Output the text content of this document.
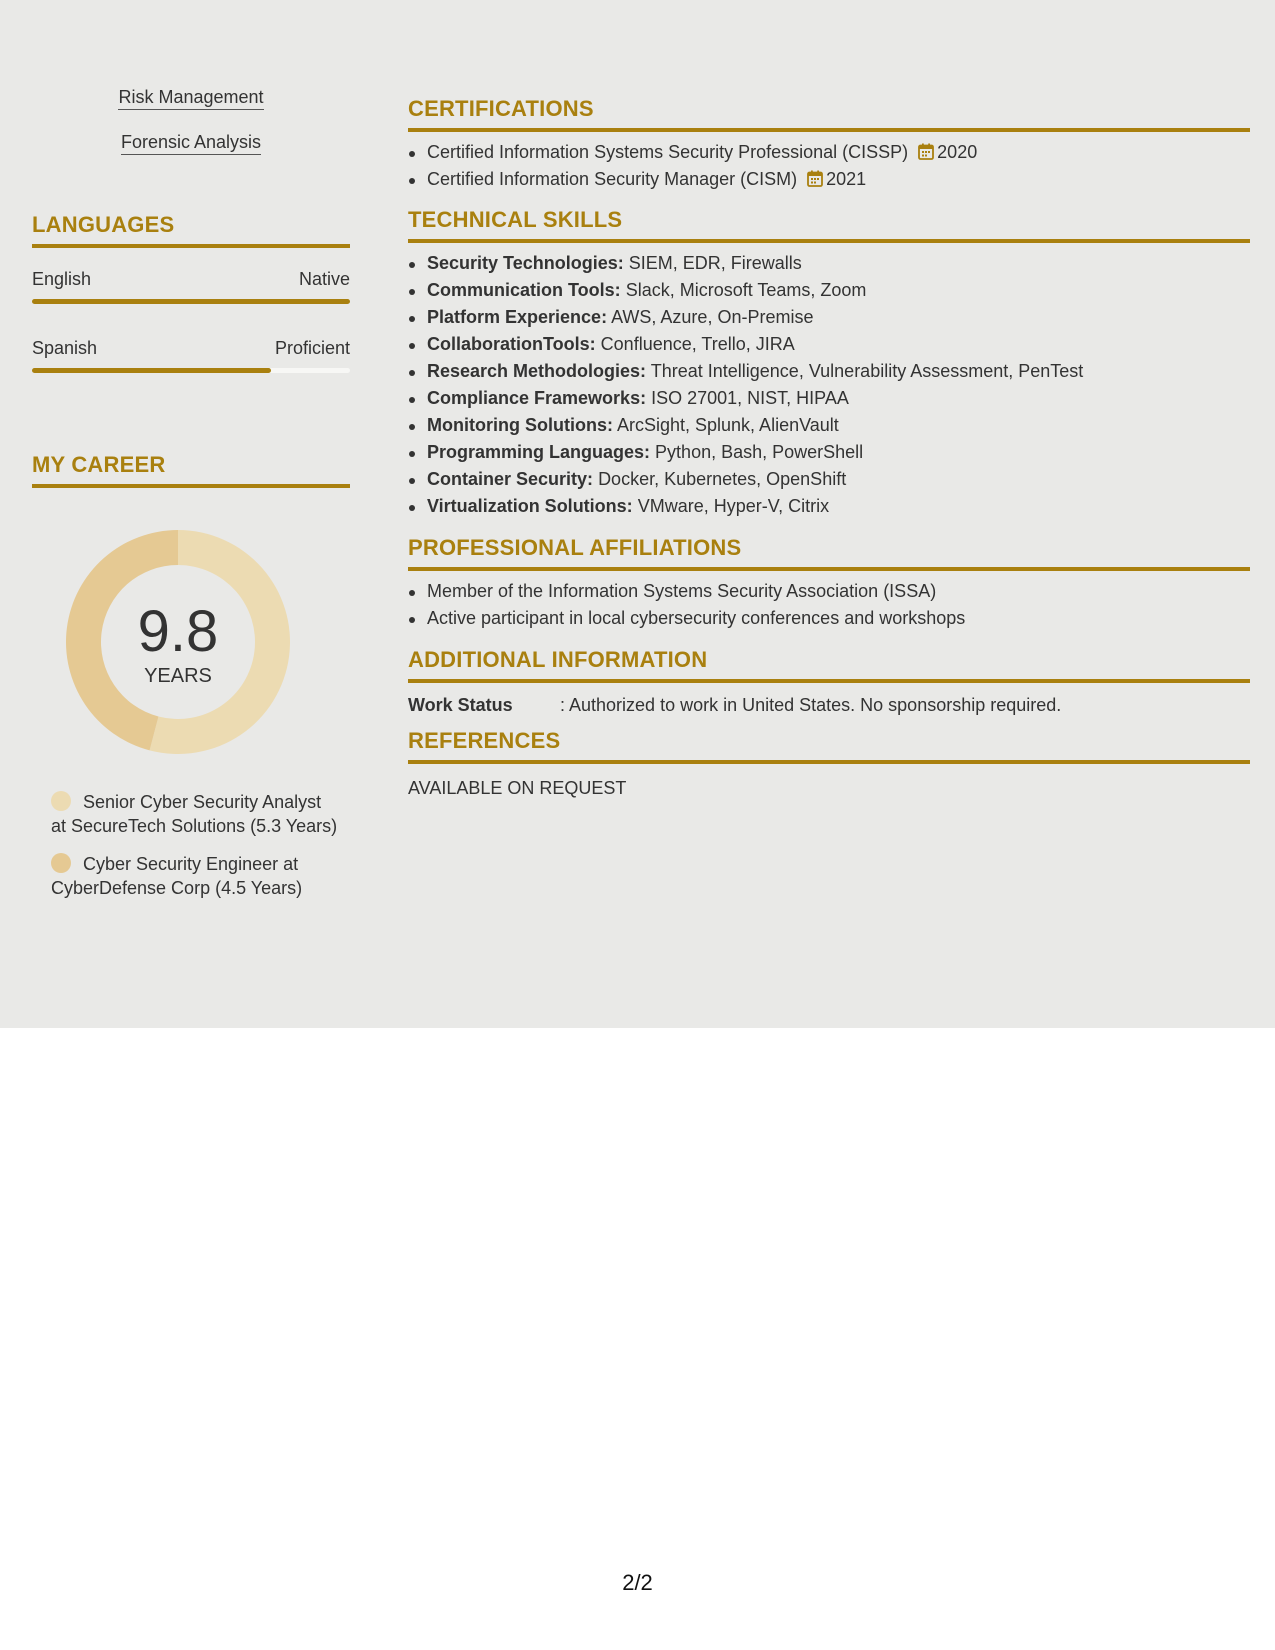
Risk Management
Forensic Analysis
LANGUAGES
English	Native
Spanish	Proficient
MY CAREER
9.8
YEARS
Senior Cyber Security Analyst at SecureTech Solutions (5.3 Years)
Cyber Security Engineer at CyberDefense Corp (4.5 Years)
CERTIFICATIONS
Certified Information Systems Security Professional (CISSP) 2020
Certified Information Security Manager (CISM) 2021
TECHNICAL SKILLS
Security Technologies: SIEM, EDR, Firewalls
Communication Tools: Slack, Microsoft Teams, Zoom
Platform Experience: AWS, Azure, On-Premise
CollaborationTools: Confluence, Trello, JIRA
Research Methodologies: Threat Intelligence, Vulnerability Assessment, PenTest
Compliance Frameworks: ISO 27001, NIST, HIPAA
Monitoring Solutions: ArcSight, Splunk, AlienVault
Programming Languages: Python, Bash, PowerShell
Container Security: Docker, Kubernetes, OpenShift
Virtualization Solutions: VMware, Hyper-V, Citrix
PROFESSIONAL AFFILIATIONS
Member of the Information Systems Security Association (ISSA)
Active participant in local cybersecurity conferences and workshops
ADDITIONAL INFORMATION
Work Status	: Authorized to work in United States. No sponsorship required.
REFERENCES
AVAILABLE ON REQUEST
2/2
